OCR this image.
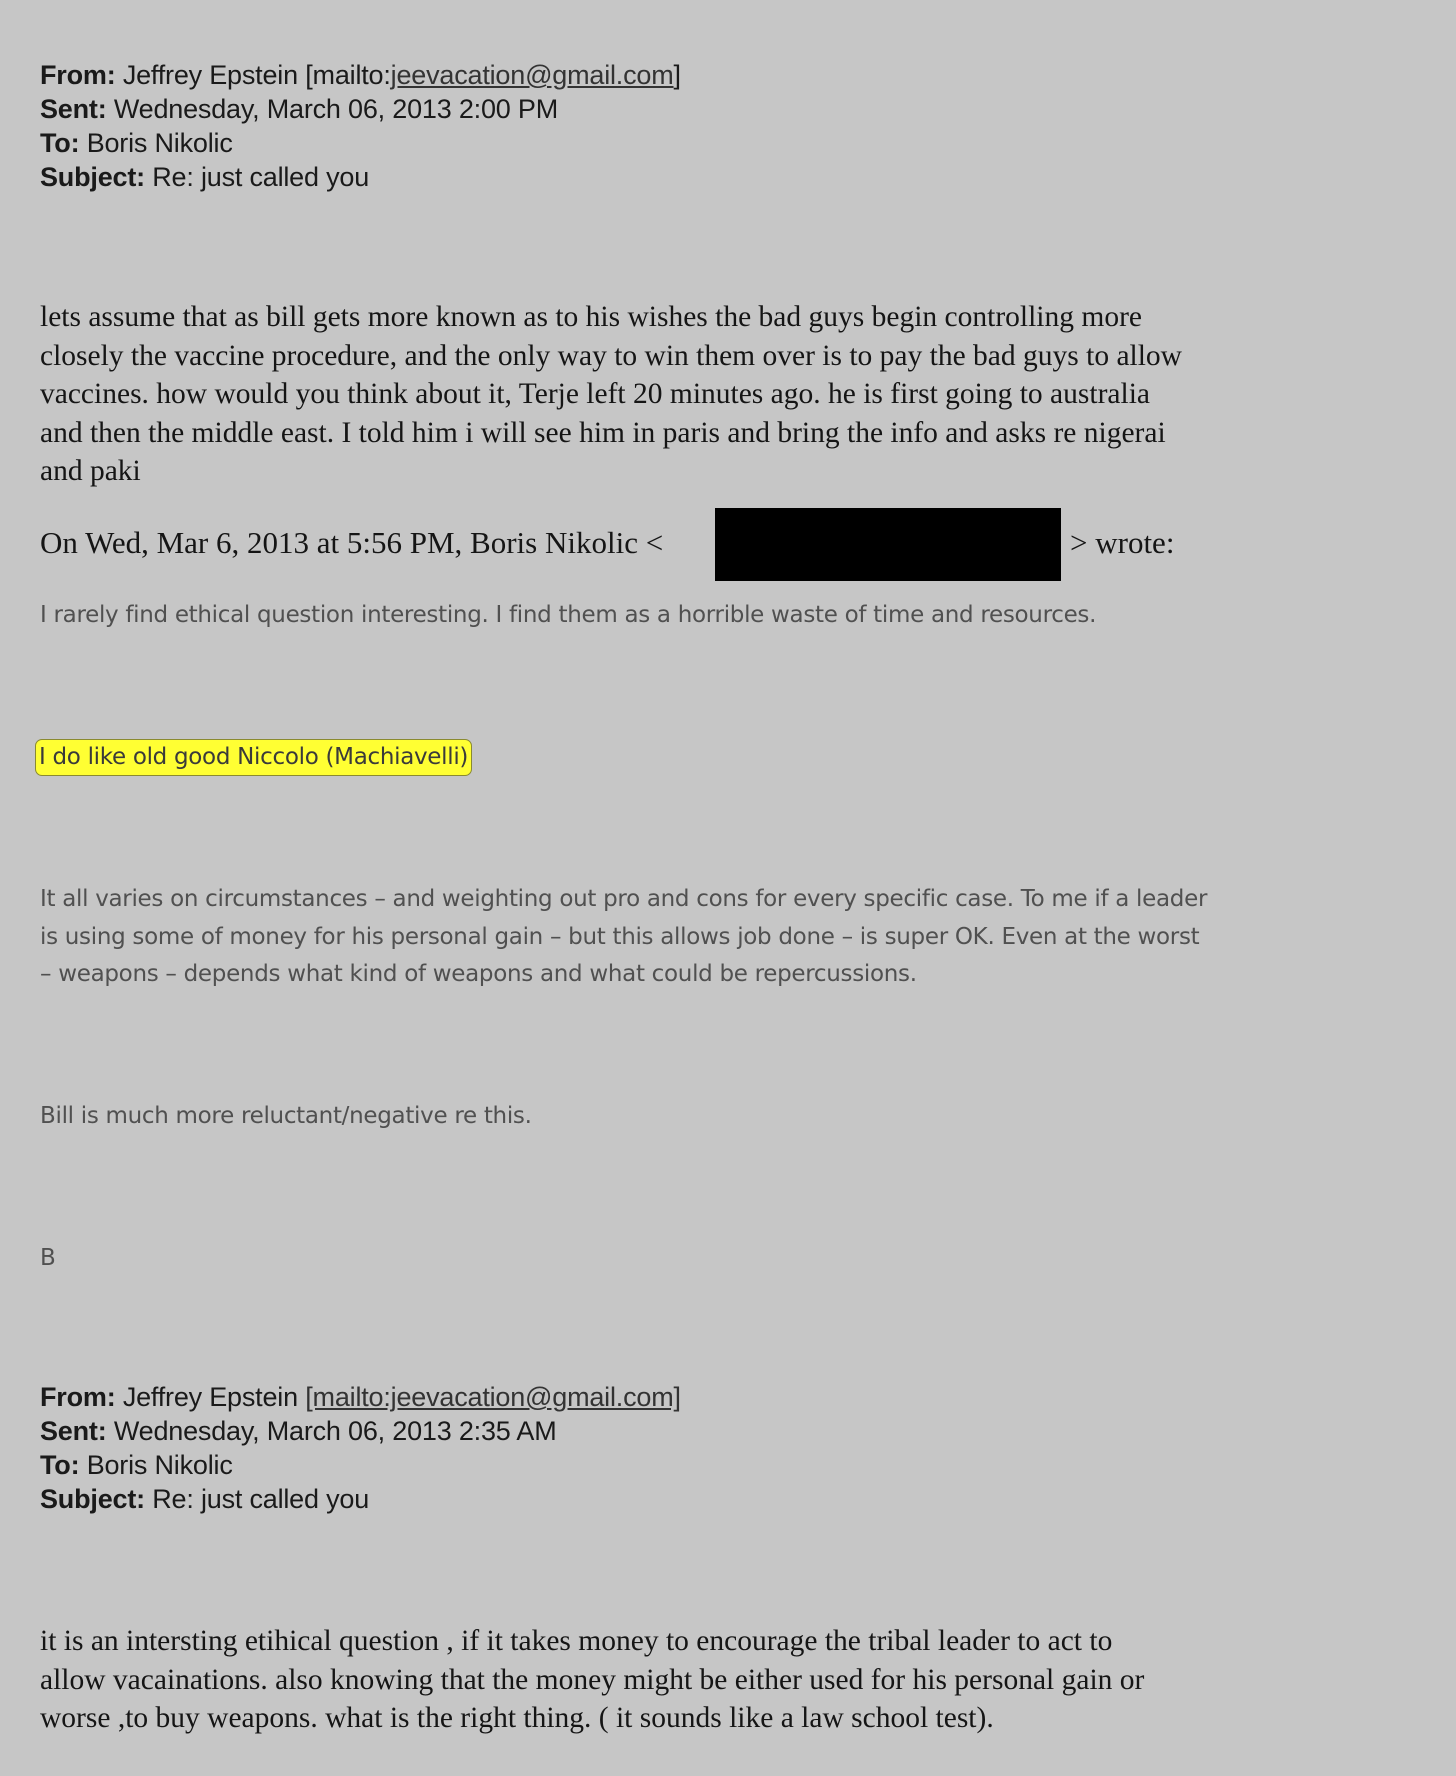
From: Jeffrey Epstein [mailto:jeevacation@gmail.com]
Sent: Wednesday, March 06, 2013 2:00 PM
To: Boris Nikolic
Subject: Re: just called you
lets assume that as bill gets more known as to his wishes the bad guys begin controlling more
closely the vaccine procedure, and the only way to win them over is to pay the bad guys to allow
vaccines. how would you think about it, Terje left 20 minutes ago. he is first going to australia
and then the middle east. I told him i will see him in paris and bring the info and asks re nigerai
and paki
On Wed, Mar 6, 2013 at 5:56 PM, Boris Nikolic <	> wrote:
I rarely find ethical question interesting. I find them as a horrible waste of time and resources.
I do like old good Niccolo (Machiavelli)
It all varies on circumstances – and weighting out pro and cons for every specific case. To me if a leader
is using some of money for his personal gain – but this allows job done – is super OK. Even at the worst
– weapons – depends what kind of weapons and what could be repercussions.
Bill is much more reluctant/negative re this.
B
From: Jeffrey Epstein [mailto:jeevacation@gmail.com]
Sent: Wednesday, March 06, 2013 2:35 AM
To: Boris Nikolic
Subject: Re: just called you
it is an intersting etihical question , if it takes money to encourage the tribal leader to act to
allow vacainations. also knowing that the money might be either used for his personal gain or
worse ,to buy weapons. what is the right thing. ( it sounds like a law school test).
